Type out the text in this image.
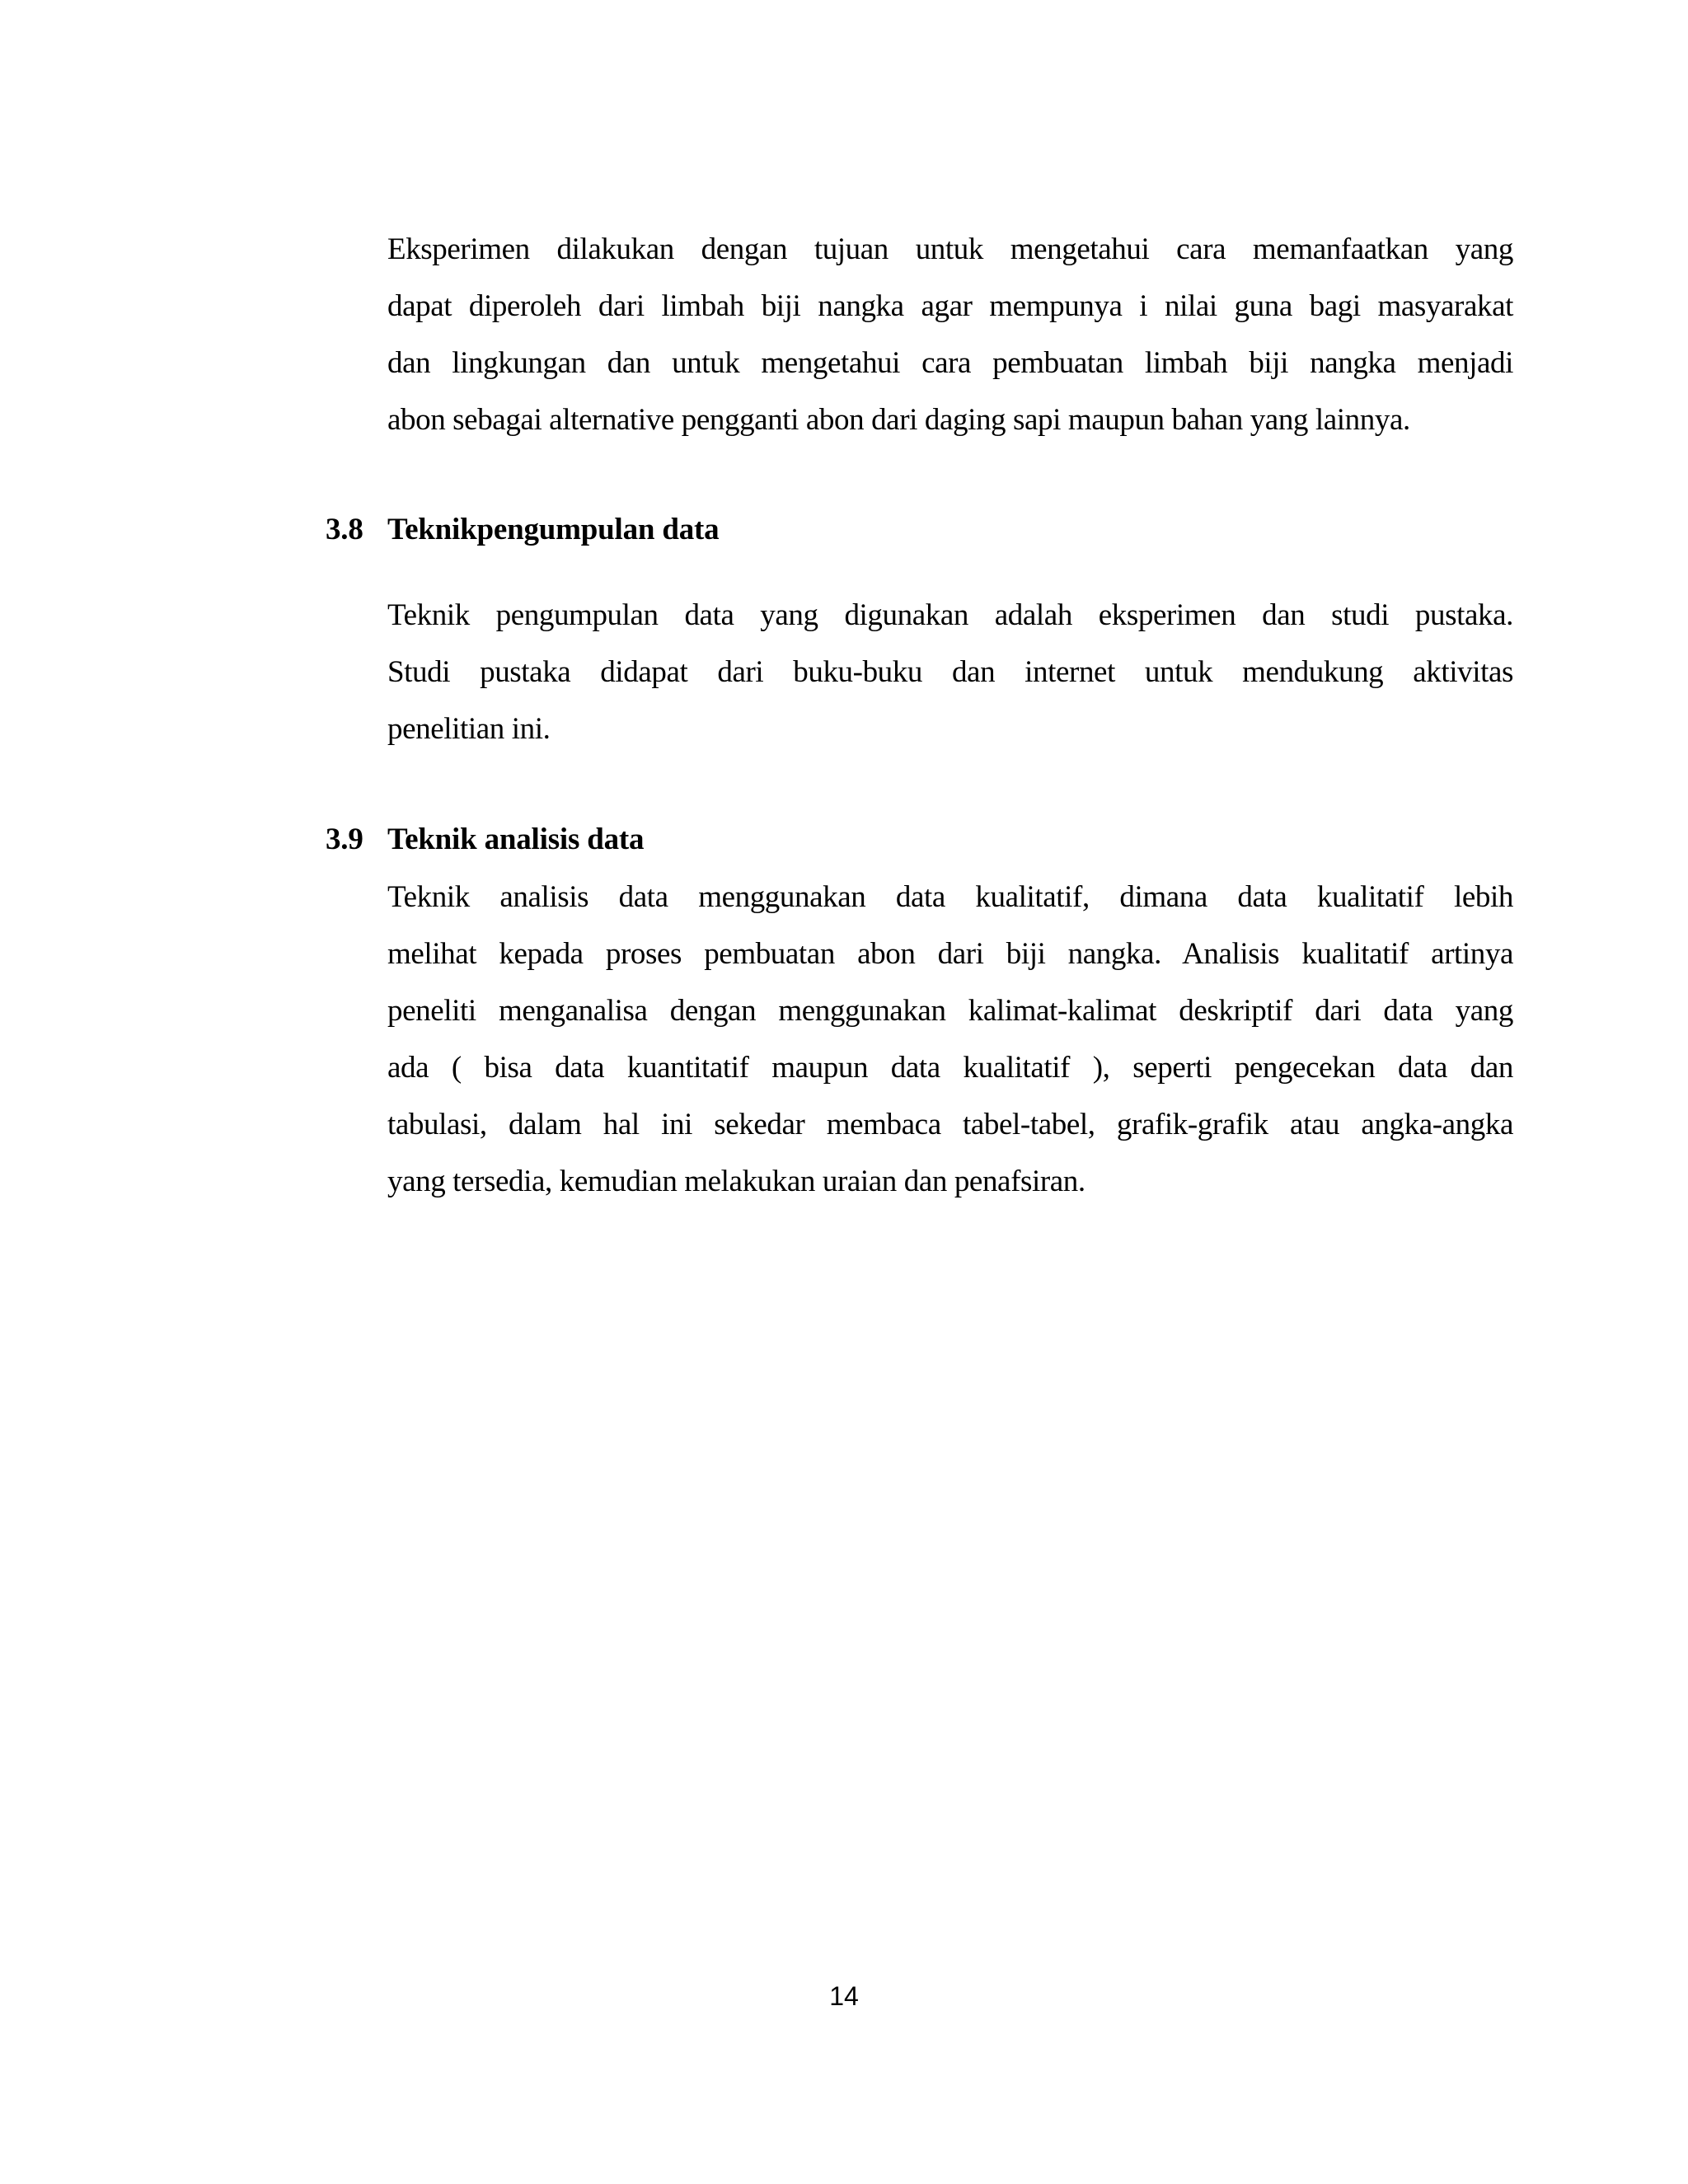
Eksperimen dilakukan dengan tujuan untuk mengetahui cara memanfaatkan yang
dapat diperoleh dari limbah biji nangka agar mempunya i nilai guna bagi masyarakat
dan lingkungan dan untuk mengetahui cara pembuatan limbah biji nangka menjadi
abon sebagai alternative pengganti abon dari daging sapi maupun bahan yang lainnya.

3.8 Teknikpengumpulan data

Teknik pengumpulan data yang digunakan adalah eksperimen dan studi pustaka.
Studi pustaka didapat dari buku-buku dan internet untuk mendukung aktivitas
penelitian ini.

3.9 Teknik analisis data

Teknik analisis data menggunakan data kualitatif, dimana data kualitatif lebih
melihat kepada proses pembuatan abon dari biji nangka. Analisis kualitatif artinya
peneliti menganalisa dengan menggunakan kalimat-kalimat deskriptif dari data yang
ada ( bisa data kuantitatif maupun data kualitatif ), seperti pengecekan data dan
tabulasi, dalam hal ini sekedar membaca tabel-tabel, grafik-grafik atau angka-angka
yang tersedia, kemudian melakukan uraian dan penafsiran.

14
